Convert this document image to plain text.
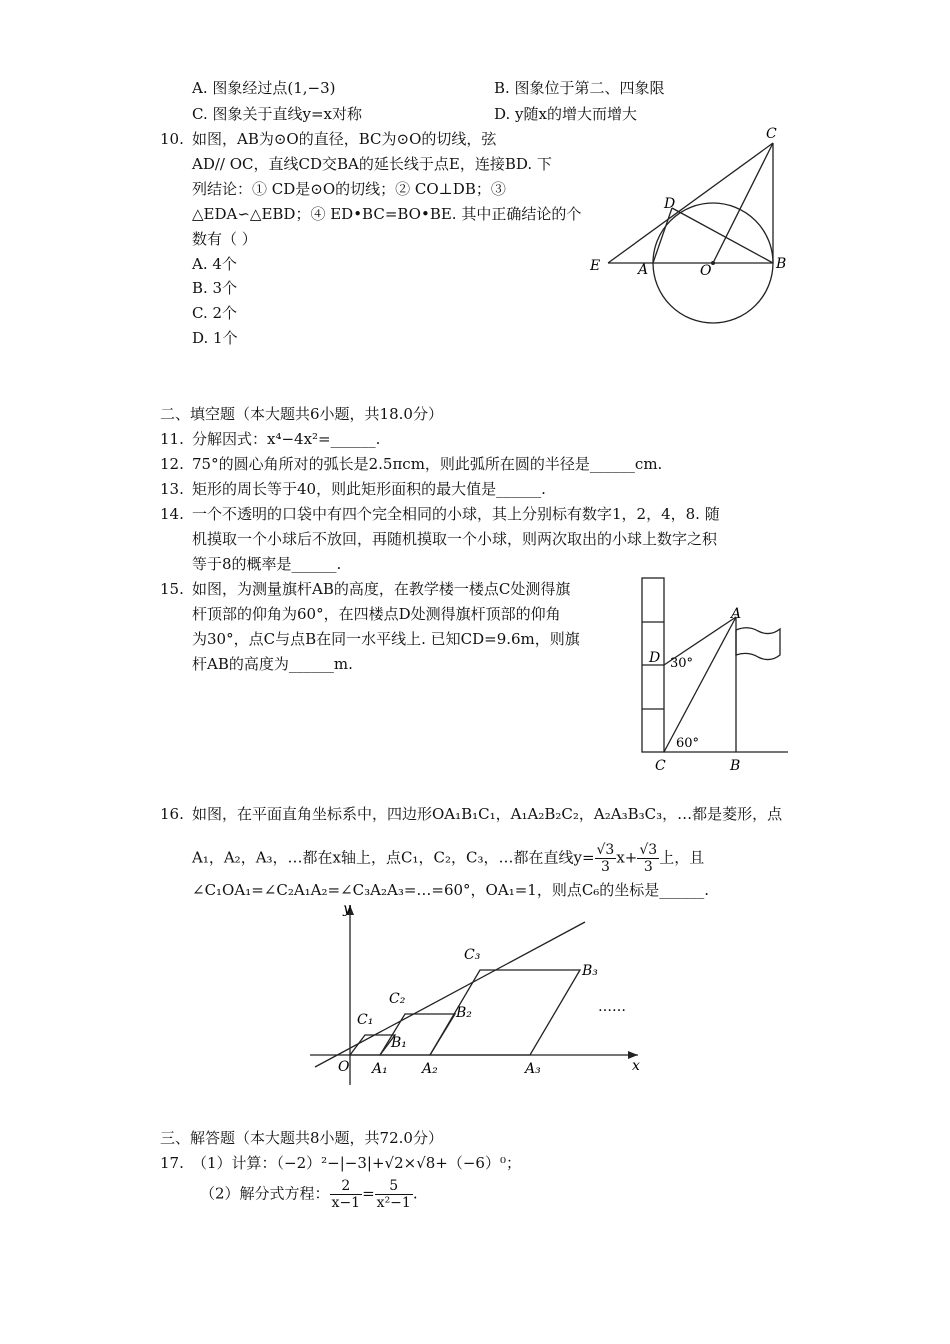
A. 图象经过点(1,−3)	B. 图象位于第二、四象限
C. 图象关于直线y=x对称	D. y随x的增大而增大
10. 如图，AB为⊙O的直径，BC为⊙O的切线，弦
AD// OC，直线CD交BA的延长线于点E，连接BD. 下
列结论：① CD是⊙O的切线；② CO⊥DB；③
△EDA∽△EBD；④ ED•BC=BO•BE. 其中正确结论的个
数有（ ）
A. 4个
B. 3个
C. 2个
D. 1个
C
D
E	A	O	B
二、填空题（本大题共6小题，共18.0分）
11. 分解因式：x⁴−4x²=______.
12. 75°的圆心角所对的弧长是2.5πcm，则此弧所在圆的半径是______cm.
13. 矩形的周长等于40，则此矩形面积的最大值是______.
14. 一个不透明的口袋中有四个完全相同的小球，其上分别标有数字1，2，4，8. 随
机摸取一个小球后不放回，再随机摸取一个小球，则两次取出的小球上数字之积
等于8的概率是______.
15. 如图，为测量旗杆AB的高度，在教学楼一楼点C处测得旗
杆顶部的仰角为60°，在四楼点D处测得旗杆顶部的仰角
为30°，点C与点B在同一水平线上. 已知CD=9.6m，则旗
杆AB的高度为______m.
A
D 30°
60°
C	B
16. 如图，在平面直角坐标系中，四边形OA₁B₁C₁，A₁A₂B₂C₂，A₂A₃B₃C₃，…都是菱形，点
A₁，A₂，A₃，…都在x轴上，点C₁，C₂，C₃，…都在直线$y= \frac{√3}{3} x+ \frac{√3}{3}$ 上，且
∠C₁OA₁=∠C₂A₁A₂=∠C₃A₂A₃=…=60°，OA₁=1，则点C₆的坐标是______.
y
x
O
C₁
C₂
C₃
B₁
B₂
B₃
A₁ A₂	A₃
……
三、解答题（本大题共8小题，共72.0分）
17. （1）计算：（−2）²−|−3|+√2×√8+（−6）⁰；
（2）解分式方程： $\frac{2}{x-1} = \frac{5}{\text{x²−1}}$ .
